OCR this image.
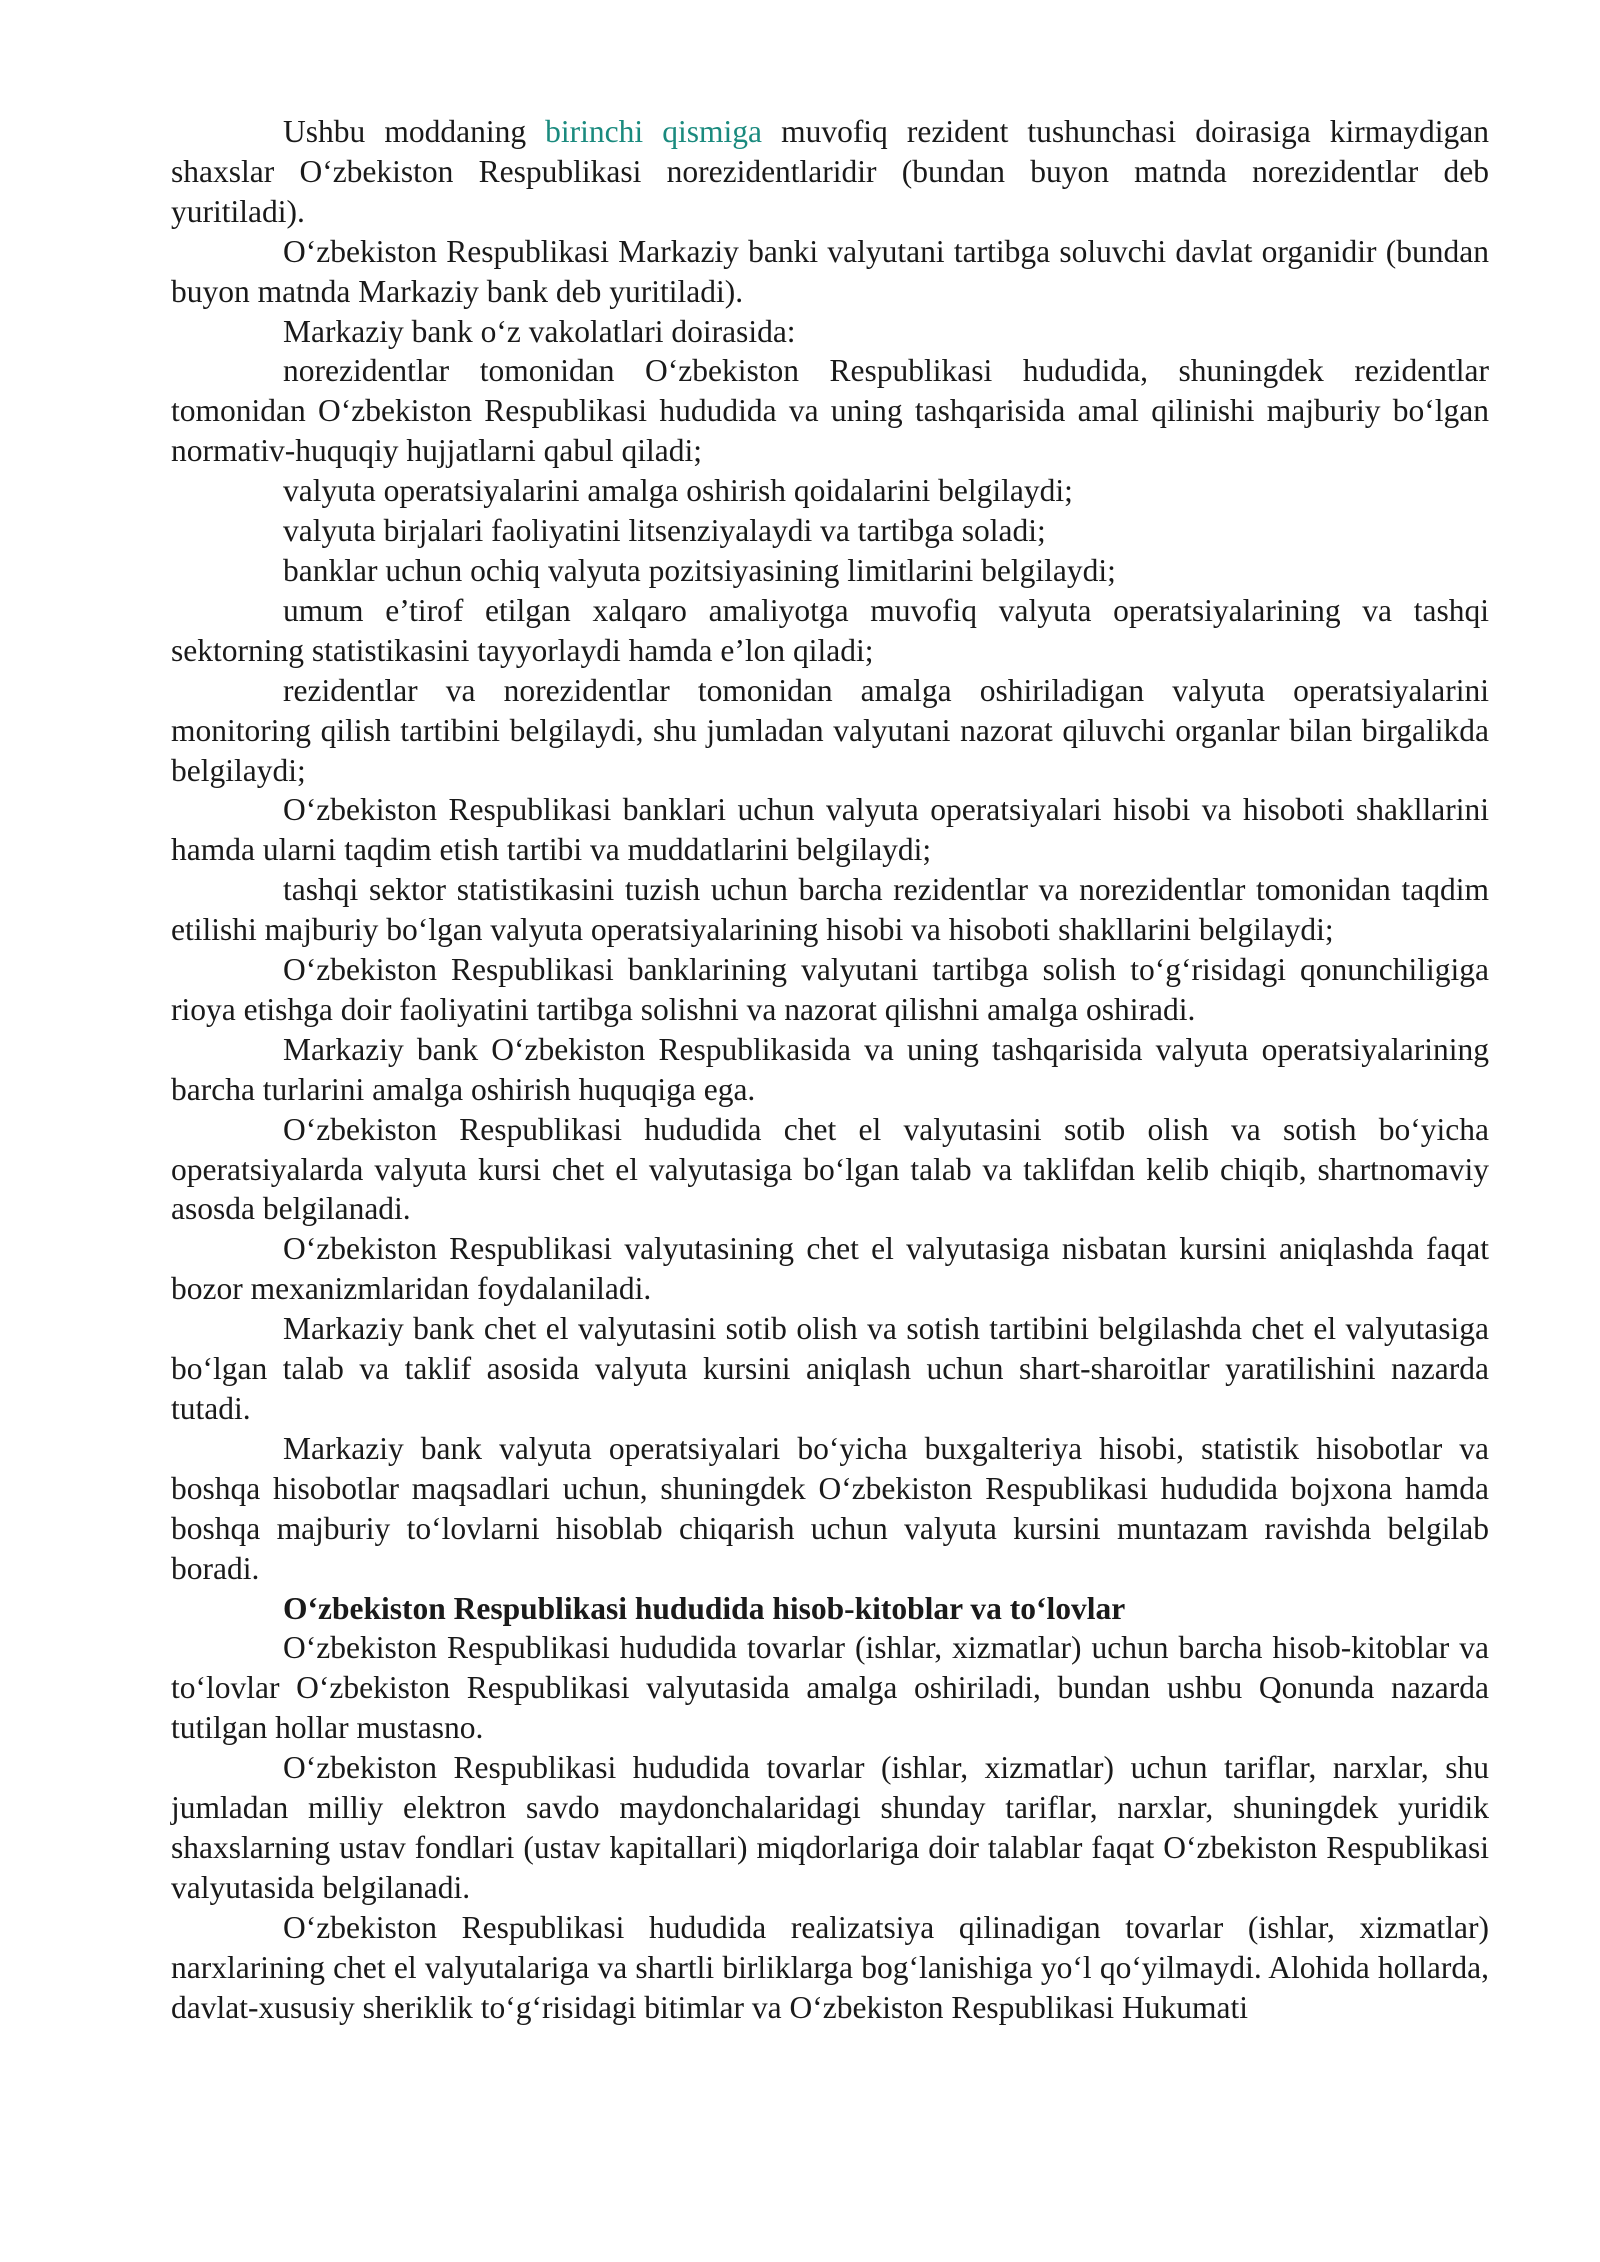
Ushbu moddaning birinchi qismiga muvofiq rezident tushunchasi doirasiga kirmaydigan shaxslar O‘zbekiston Respublikasi norezidentlaridir (bundan buyon matnda norezidentlar deb yuritiladi).

O‘zbekiston Respublikasi Markaziy banki valyutani tartibga soluvchi davlat organidir (bundan buyon matnda Markaziy bank deb yuritiladi).

Markaziy bank o‘z vakolatlari doirasida:

norezidentlar tomonidan O‘zbekiston Respublikasi hududida, shuningdek rezidentlar tomonidan O‘zbekiston Respublikasi hududida va uning tashqarisida amal qilinishi majburiy bo‘lgan normativ-huquqiy hujjatlarni qabul qiladi;

valyuta operatsiyalarini amalga oshirish qoidalarini belgilaydi;

valyuta birjalari faoliyatini litsenziyalaydi va tartibga soladi;

banklar uchun ochiq valyuta pozitsiyasining limitlarini belgilaydi;

umum e’tirof etilgan xalqaro amaliyotga muvofiq valyuta operatsiyalarining va tashqi sektorning statistikasini tayyorlaydi hamda e’lon qiladi;

rezidentlar va norezidentlar tomonidan amalga oshiriladigan valyuta operatsiyalarini monitoring qilish tartibini belgilaydi, shu jumladan valyutani nazorat qiluvchi organlar bilan birgalikda belgilaydi;

O‘zbekiston Respublikasi banklari uchun valyuta operatsiyalari hisobi va hisoboti shakllarini hamda ularni taqdim etish tartibi va muddatlarini belgilaydi;

tashqi sektor statistikasini tuzish uchun barcha rezidentlar va norezidentlar tomonidan taqdim etilishi majburiy bo‘lgan valyuta operatsiyalarining hisobi va hisoboti shakllarini belgilaydi;

O‘zbekiston Respublikasi banklarining valyutani tartibga solish to‘g‘risidagi qonunchiligiga rioya etishga doir faoliyatini tartibga solishni va nazorat qilishni amalga oshiradi.

Markaziy bank O‘zbekiston Respublikasida va uning tashqarisida valyuta operatsiyalarining barcha turlarini amalga oshirish huquqiga ega.

O‘zbekiston Respublikasi hududida chet el valyutasini sotib olish va sotish bo‘yicha operatsiyalarda valyuta kursi chet el valyutasiga bo‘lgan talab va taklifdan kelib chiqib, shartnomaviy asosda belgilanadi.

O‘zbekiston Respublikasi valyutasining chet el valyutasiga nisbatan kursini aniqlashda faqat bozor mexanizmlaridan foydalaniladi.

Markaziy bank chet el valyutasini sotib olish va sotish tartibini belgilashda chet el valyutasiga bo‘lgan talab va taklif asosida valyuta kursini aniqlash uchun shart-sharoitlar yaratilishini nazarda tutadi.

Markaziy bank valyuta operatsiyalari bo‘yicha buxgalteriya hisobi, statistik hisobotlar va boshqa hisobotlar maqsadlari uchun, shuningdek O‘zbekiston Respublikasi hududida bojxona hamda boshqa majburiy to‘lovlarni hisoblab chiqarish uchun valyuta kursini muntazam ravishda belgilab boradi.

O‘zbekiston Respublikasi hududida hisob-kitoblar va to‘lovlar

O‘zbekiston Respublikasi hududida tovarlar (ishlar, xizmatlar) uchun barcha hisob-kitoblar va to‘lovlar O‘zbekiston Respublikasi valyutasida amalga oshiriladi, bundan ushbu Qonunda nazarda tutilgan hollar mustasno.

O‘zbekiston Respublikasi hududida tovarlar (ishlar, xizmatlar) uchun tariflar, narxlar, shu jumladan milliy elektron savdo maydonchalaridagi shunday tariflar, narxlar, shuningdek yuridik shaxslarning ustav fondlari (ustav kapitallari) miqdorlariga doir talablar faqat O‘zbekiston Respublikasi valyutasida belgilanadi.

O‘zbekiston Respublikasi hududida realizatsiya qilinadigan tovarlar (ishlar, xizmatlar) narxlarining chet el valyutalariga va shartli birliklarga bog‘lanishiga yo‘l qo‘yilmaydi. Alohida hollarda, davlat-xususiy sheriklik to‘g‘risidagi bitimlar va O‘zbekiston Respublikasi Hukumati
